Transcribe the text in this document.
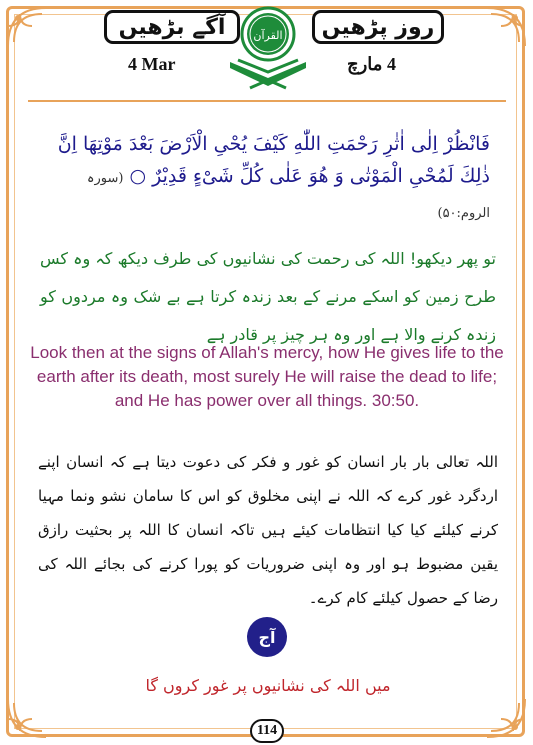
آگے بڑھیں	روز پڑھیں
القرآن
4 Mar	4 مارچ
فَانْظُرْ اِلٰی اٰثٰرِ رَحْمَتِ اللّٰهِ کَیْفَ یُحْیِ الْاَرْضَ بَعْدَ مَوْتِهَا اِنَّ ذٰلِكَ لَمُحْیِ الْمَوْتٰی وَ هُوَ عَلٰی كُلِّ شَیْءٍ قَدِیْرٌ ○ (سورہ الروم:۵۰)
تو پھر دیکھو! اللہ کی رحمت کی نشانیوں کی طرف دیکھ کہ وہ کس طرح زمین کو اسکے مرنے کے بعد زندہ کرتا ہے بے شک وہ مردوں کو زندہ کرنے والا ہے اور وہ ہر چیز پر قادر ہے
Look then at the signs of Allah's mercy, how He gives life to the earth after its death, most surely He will raise the dead to life; and He has power over all things. 30:50.
اللہ تعالی بار بار انسان کو غور و فکر کی دعوت دیتا ہے کہ انسان اپنے اردگرد غور کرے کہ اللہ نے اپنی مخلوق کو اس کا سامان نشو ونما مہیا کرنے کیلئے کیا کیا انتظامات کیئے ہیں تاکہ انسان کا اللہ پر بحثیت رازق یقین مضبوط ہو اور وہ اپنی ضروریات کو پورا کرنے کی بجائے اللہ کی رضا کے حصول کیلئے کام کرے۔
آج
میں اللہ کی نشانیوں پر غور کروں گا
114
